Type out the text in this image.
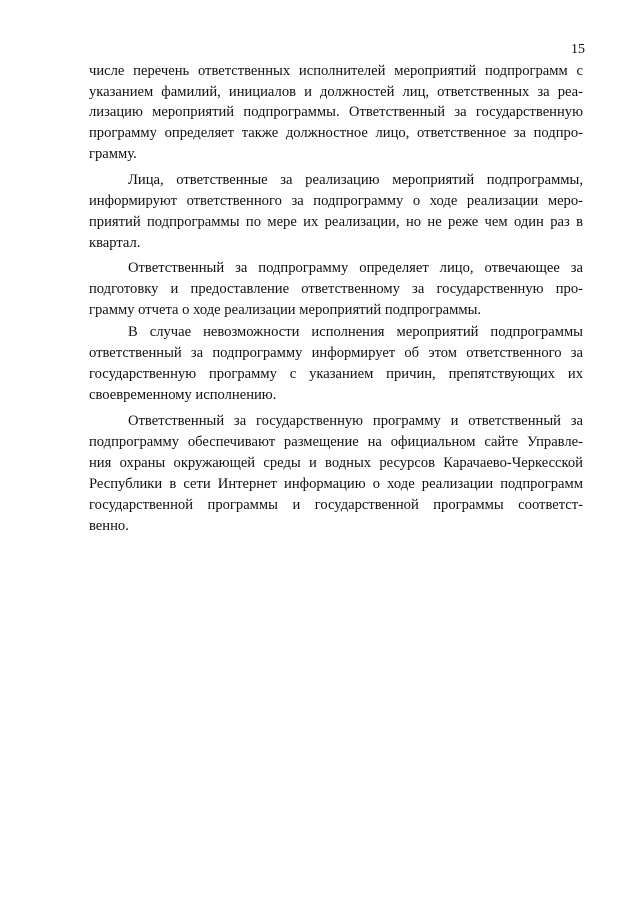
15
числе перечень ответственных исполнителей мероприятий подпрограмм с
указанием фамилий, инициалов и должностей лиц, ответственных за реа-
лизацию мероприятий подпрограммы. Ответственный за государственную
программу определяет также должностное лицо, ответственное за подпро-
грамму.
Лица, ответственные за реализацию мероприятий подпрограммы,
информируют ответственного за подпрограмму о ходе реализации меро-
приятий подпрограммы по мере их реализации, но не реже чем один раз в
квартал.
Ответственный за подпрограмму определяет лицо, отвечающее за
подготовку и предоставление ответственному за государственную про-
грамму отчета о ходе реализации мероприятий подпрограммы.
В случае невозможности исполнения мероприятий подпрограммы
ответственный за подпрограмму информирует об этом ответственного за
государственную программу с указанием причин, препятствующих их
своевременному исполнению.
Ответственный за государственную программу и ответственный за
подпрограмму обеспечивают размещение на официальном сайте Управле-
ния охраны окружающей среды и водных ресурсов Карачаево-Черкесской
Республики в сети Интернет информацию о ходе реализации подпрограмм
государственной программы и государственной программы соответст-
венно.
